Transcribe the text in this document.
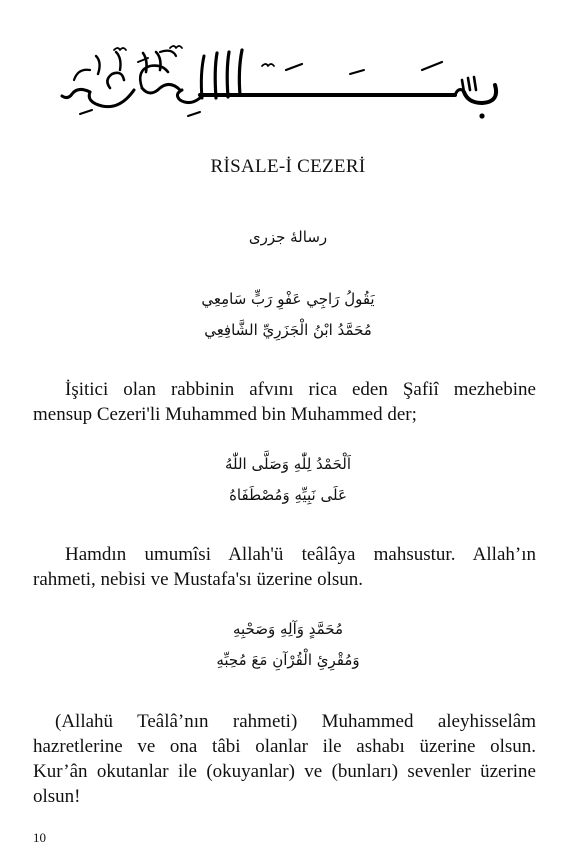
RİSALE-İ CEZERİ
رسالهٔ جزری
يَقُولُ رَاجِي عَفْوِ رَبٍّ سَامِعِي
مُحَمَّدُ ابْنُ الْجَزَرِيِّ الشَّافِعِي

İşitici olan rabbinin afvını rica eden Şafiî mezhebine

mensup Cezeri'li Muhammed bin Muhammed der;

اَلْحَمْدُ لِلّٰهِ وَصَلَّى اللّٰهُ
عَلَى نَبِيِّهِ وَمُصْطَفَاهُ

Hamdın umumîsi Allah'ü teâlâya mahsustur. Allah’ın

rahmeti, nebisi ve Mustafa'sı üzerine olsun.

مُحَمَّدٍ وَآلِهِ وَصَحْبِهِ
وَمُقْرِئِ الْقُرْآنِ مَعَ مُحِبِّهِ

(Allahü Teâlâ’nın rahmeti) Muhammed aleyhisselâm

hazretlerine ve ona tâbi olanlar ile ashabı üzerine olsun.

Kur’ân okutanlar ile (okuyanlar) ve (bunları) sevenler üzerine

olsun!

10
